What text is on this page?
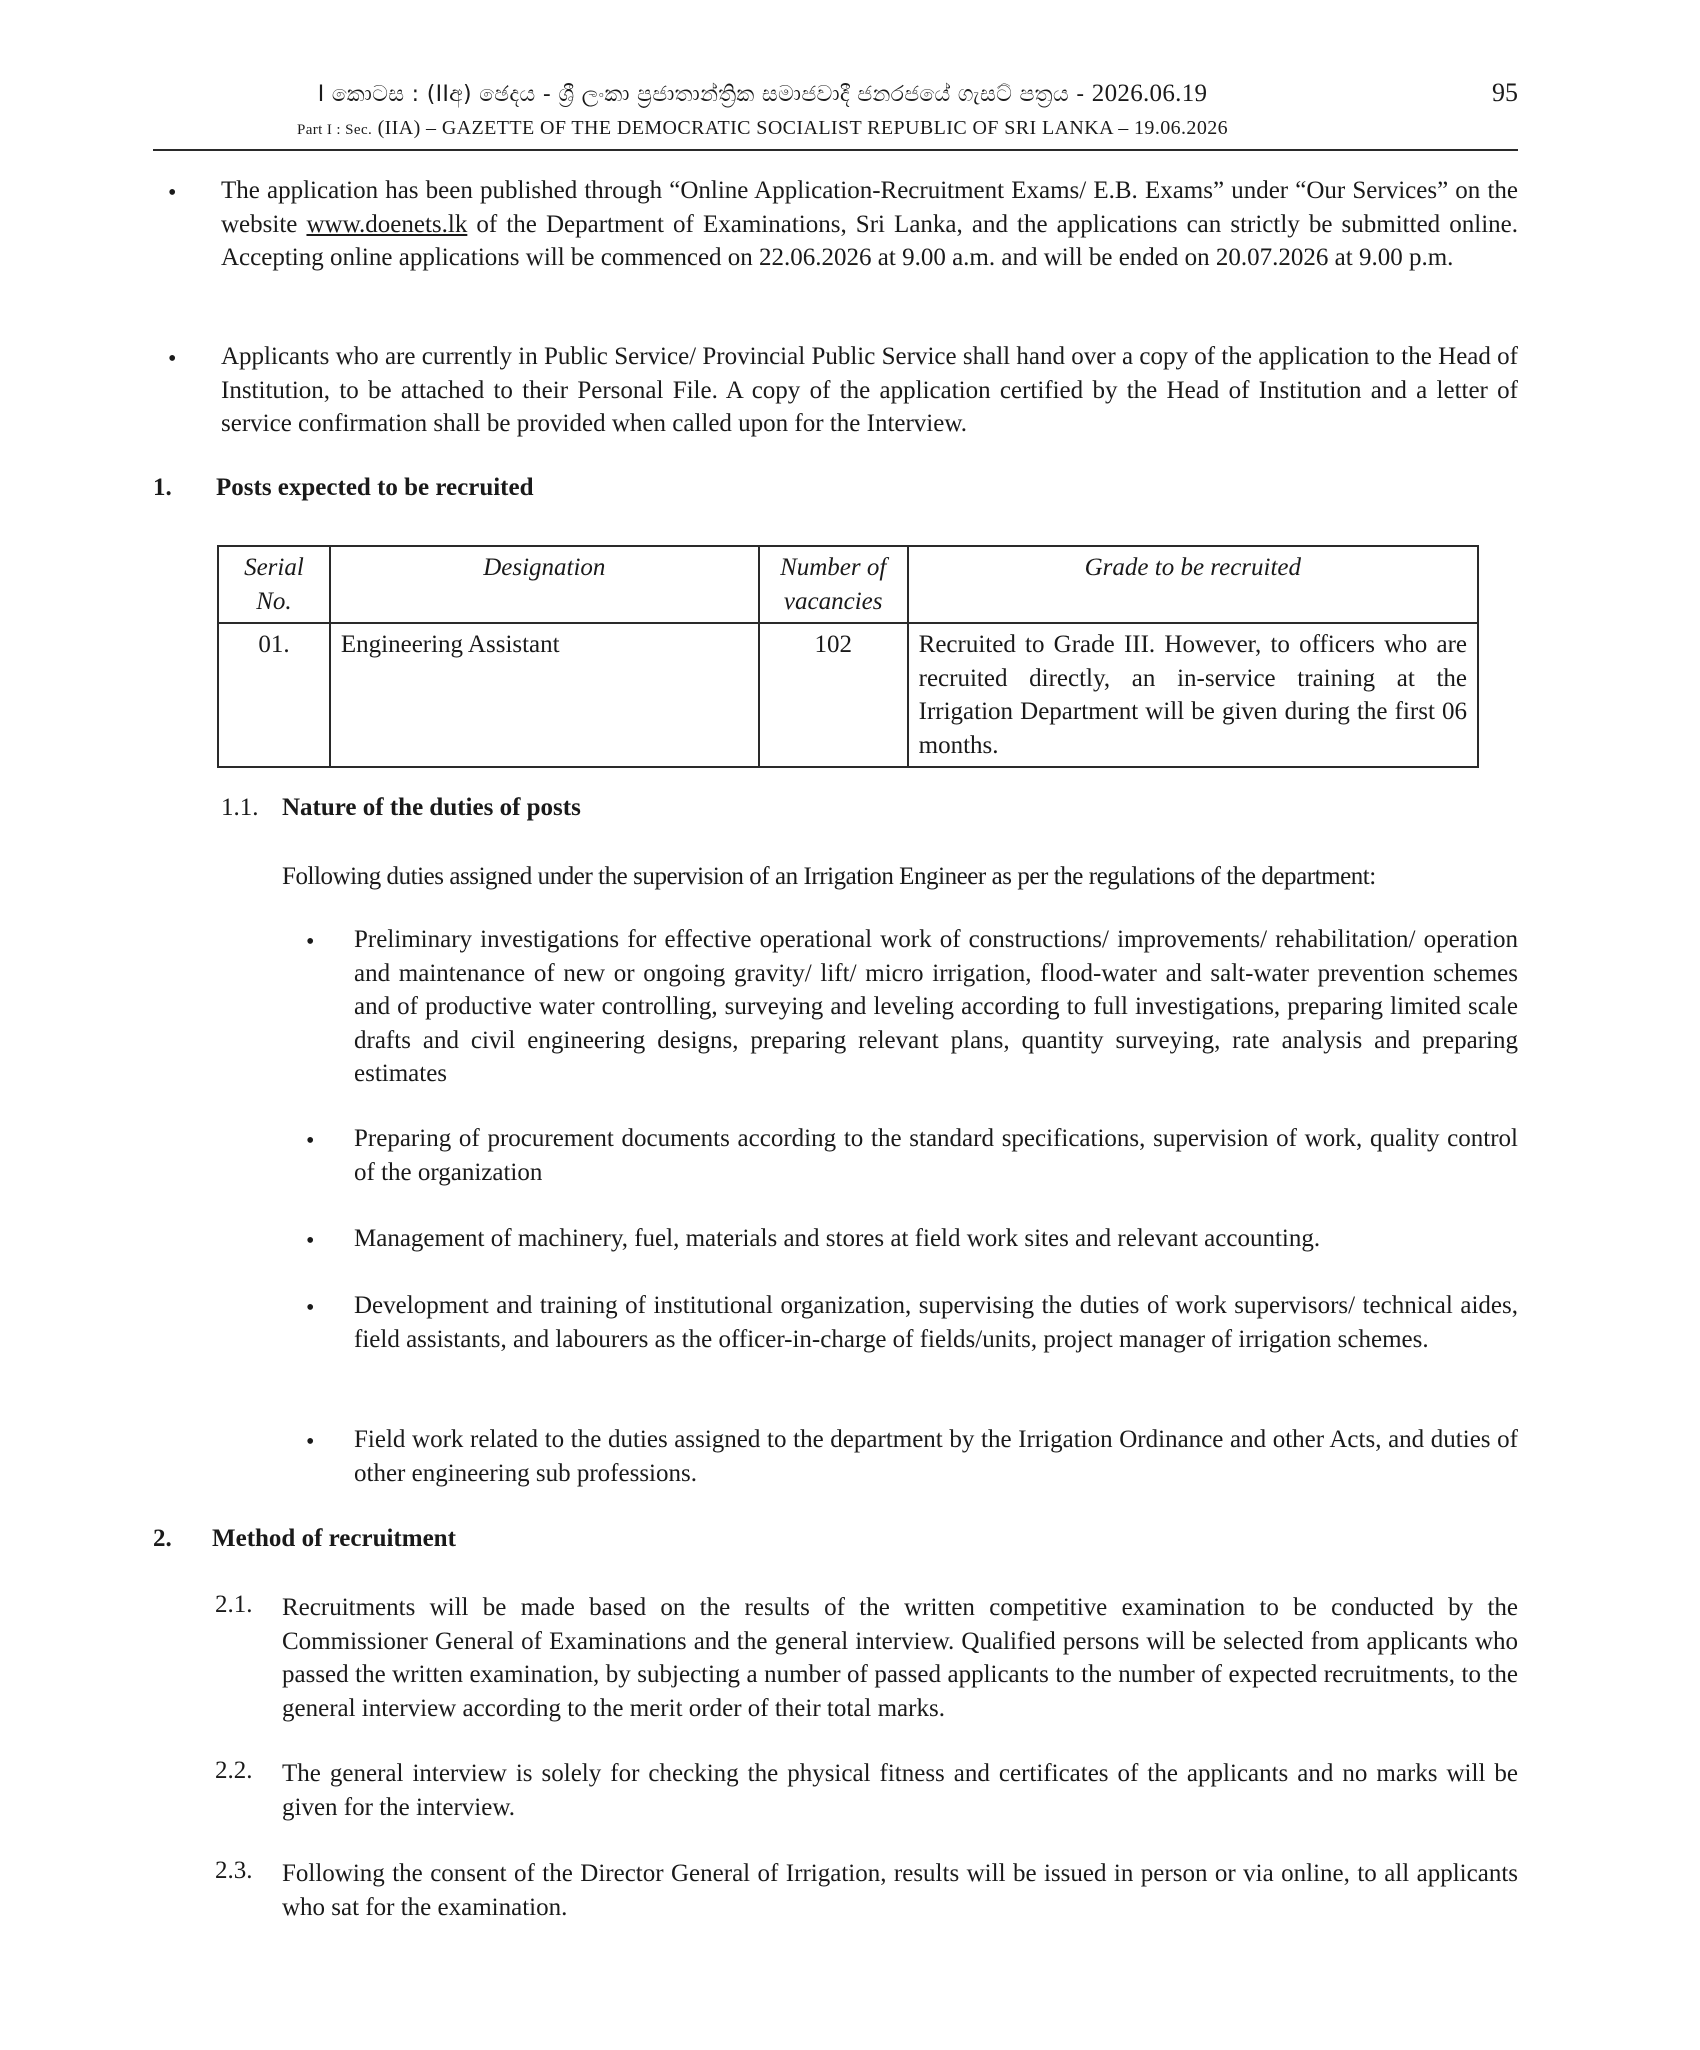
I කොටස : (IIඅ) ඡෙදය - ශ්‍රී ලංකා ප්‍රජාතාන්ත්‍රික සමාජවාදී ජනරජයේ ගැසට් පත්‍රය - 2026.06.19	95
Part I : Sec. (IIA) – GAZETTE OF THE DEMOCRATIC SOCIALIST REPUBLIC OF SRI LANKA – 19.06.2026
• The application has been published through “Online Application-Recruitment Exams/ E.B. Exams” under “Our Services” on the website www.doenets.lk of the Department of Examinations, Sri Lanka, and the applications can strictly be submitted online. Accepting online applications will be commenced on 22.06.2026 at 9.00 a.m. and will be ended on 20.07.2026 at 9.00 p.m.
• Applicants who are currently in Public Service/ Provincial Public Service shall hand over a copy of the application to the Head of Institution, to be attached to their Personal File. A copy of the application certified by the Head of Institution and a letter of service confirmation shall be provided when called upon for the Interview.
1. Posts expected to be recruited
Serial No.	Designation	Number of vacancies	Grade to be recruited
01.	Engineering Assistant	102	Recruited to Grade III. However, to officers who are recruited directly, an in-service training at the Irrigation Department will be given during the first 06 months.
1.1. Nature of the duties of posts
Following duties assigned under the supervision of an Irrigation Engineer as per the regulations of the department:
• Preliminary investigations for effective operational work of constructions/ improvements/ rehabilitation/ operation and maintenance of new or ongoing gravity/ lift/ micro irrigation, flood-water and salt-water prevention schemes and of productive water controlling, surveying and leveling according to full investigations, preparing limited scale drafts and civil engineering designs, preparing relevant plans, quantity surveying, rate analysis and preparing estimates
• Preparing of procurement documents according to the standard specifications, supervision of work, quality control of the organization
• Management of machinery, fuel, materials and stores at field work sites and relevant accounting.
• Development and training of institutional organization, supervising the duties of work supervisors/ technical aides, field assistants, and labourers as the officer-in-charge of fields/units, project manager of irrigation schemes.
• Field work related to the duties assigned to the department by the Irrigation Ordinance and other Acts, and duties of other engineering sub professions.
2. Method of recruitment
2.1. Recruitments will be made based on the results of the written competitive examination to be conducted by the Commissioner General of Examinations and the general interview. Qualified persons will be selected from applicants who passed the written examination, by subjecting a number of passed applicants to the number of expected recruitments, to the general interview according to the merit order of their total marks.
2.2. The general interview is solely for checking the physical fitness and certificates of the applicants and no marks will be given for the interview.
2.3. Following the consent of the Director General of Irrigation, results will be issued in person or via online, to all applicants who sat for the examination.
